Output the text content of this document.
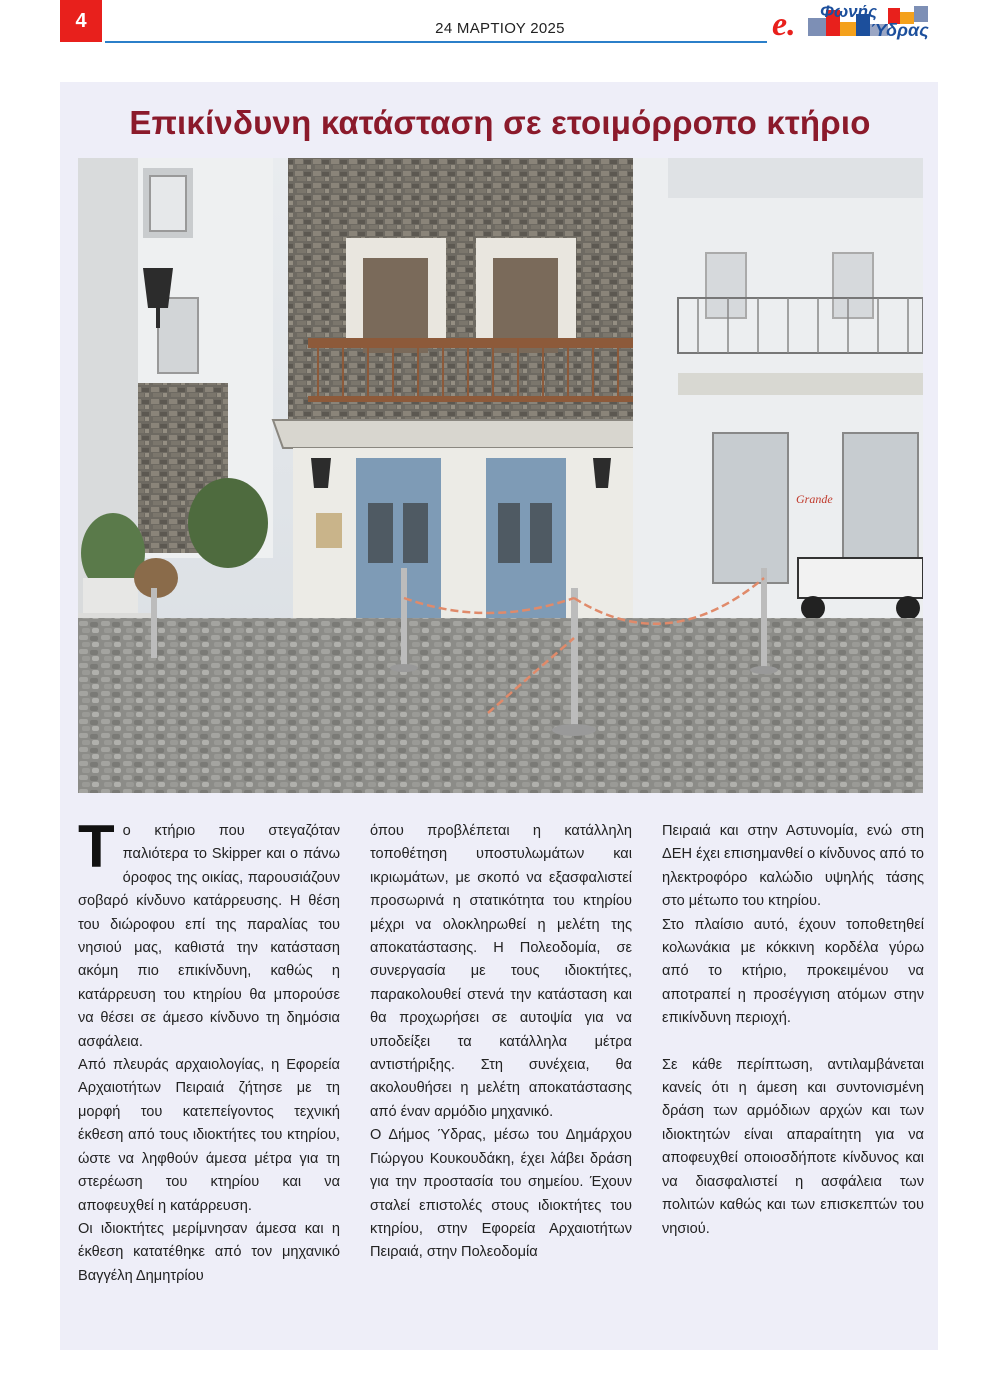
4	24 ΜΑΡΤΙΟΥ 2025	e. Φωνής
Ύδρας
Επικίνδυνη κατάσταση σε ετοιμόρροπο κτήριο
Grande

Το κτήριο που στεγαζόταν παλιότερα το Skipper και ο πάνω όροφος της οικίας, παρουσιάζουν σοβαρό κίνδυνο κατάρρευσης. Η θέση του διώροφου επί της παραλίας του νησιού μας, καθιστά την κατάσταση ακόμη πιο επικίνδυνη, καθώς η κατάρρευση του κτηρίου θα μπορούσε να θέσει σε άμεσο κίνδυνο τη δημόσια ασφάλεια.

Από πλευράς αρχαιολογίας, η Εφορεία Αρχαιοτήτων Πειραιά ζήτησε με τη μορφή του κατεπείγοντος τεχνική έκθεση από τους ιδιοκτήτες του κτηρίου, ώστε να ληφθούν άμεσα μέτρα για τη στερέωση του κτηρίου και να αποφευχθεί η κατάρρευση.

Οι ιδιοκτήτες μερίμνησαν άμεσα και η έκθεση κατατέθηκε από τον μηχανικό Βαγγέλη Δημητρίου

όπου προβλέπεται η κατάλληλη τοποθέτηση υποστυλωμάτων και ικριωμάτων, με σκοπό να εξασφαλιστεί προσωρινά η στατικότητα του κτηρίου μέχρι να ολοκληρωθεί η μελέτη της αποκατάστασης. Η Πολεοδομία, σε συνεργασία με τους ιδιοκτήτες, παρακολουθεί στενά την κατάσταση και θα προχωρήσει σε αυτοψία για να υποδείξει τα κατάλληλα μέτρα αντιστήριξης. Στη συνέχεια, θα ακολουθήσει η μελέτη αποκατάστασης από έναν αρμόδιο μηχανικό.

Ο Δήμος Ύδρας, μέσω του Δημάρχου Γιώργου Κουκουδάκη, έχει λάβει δράση για την προστασία του σημείου. Έχουν σταλεί επιστολές στους ιδιοκτήτες του κτηρίου, στην Εφορεία Αρχαιοτήτων Πειραιά, στην Πολεοδομία

Πειραιά και στην Αστυνομία, ενώ στη ΔΕΗ έχει επισημανθεί ο κίνδυνος από το ηλεκτροφόρο καλώδιο υψηλής τάσης στο μέτωπο του κτηρίου.

Στο πλαίσιο αυτό, έχουν τοποθετηθεί κολωνάκια με κόκκινη κορδέλα γύρω από το κτήριο, προκειμένου να αποτραπεί η προσέγγιση ατόμων στην επικίνδυνη περιοχή.

Σε κάθε περίπτωση, αντιλαμβάνεται κανείς ότι η άμεση και συντονισμένη δράση των αρμόδιων αρχών και των ιδιοκτητών είναι απαραίτητη για να αποφευχθεί οποιοσδήποτε κίνδυνος και να διασφαλιστεί η ασφάλεια των πολιτών καθώς και των επισκεπτών του νησιού.
